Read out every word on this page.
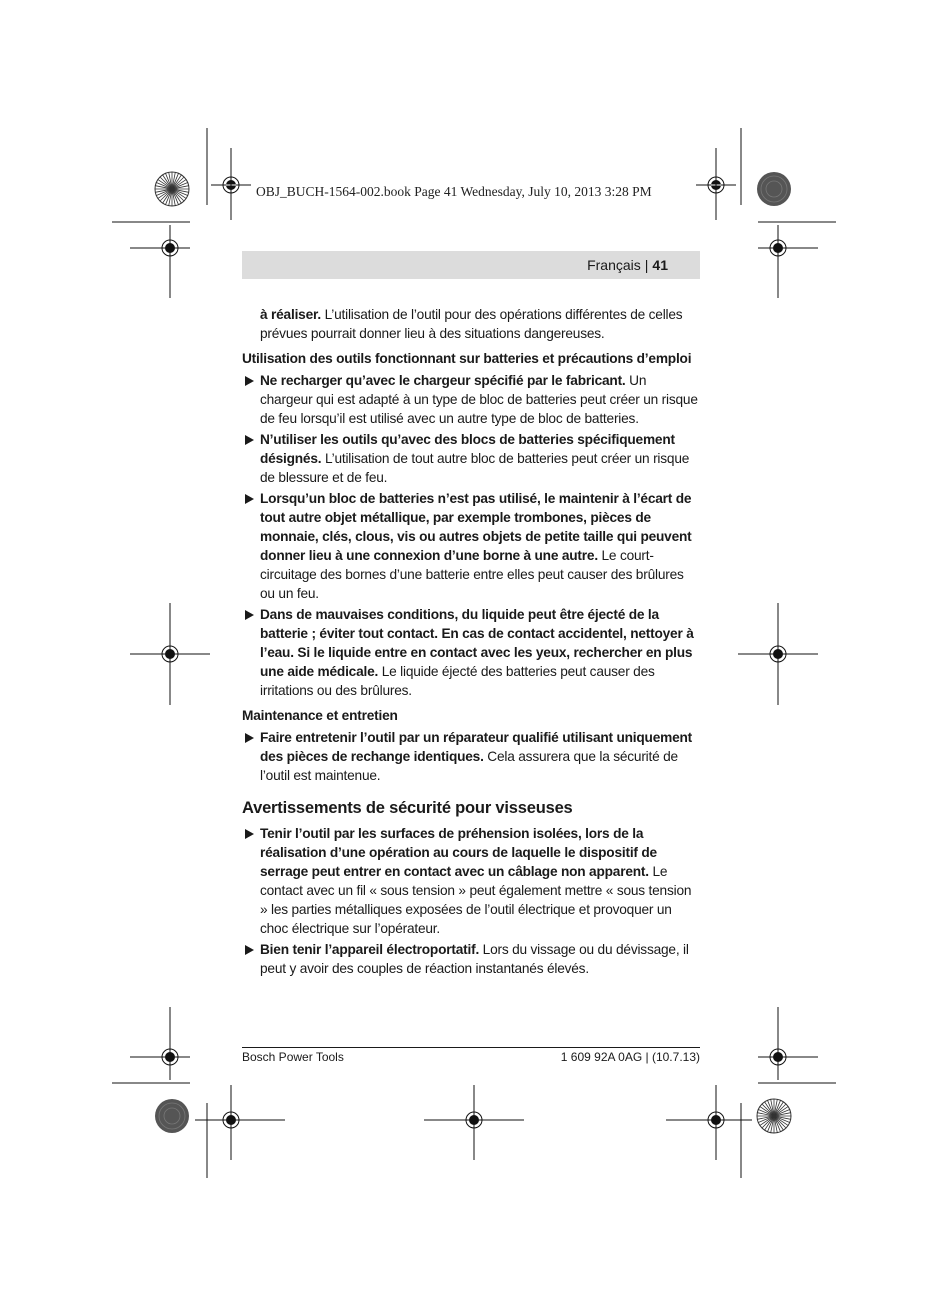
OBJ_BUCH-1564-002.book Page 41 Wednesday, July 10, 2013 3:28 PM
Français | 41

à réaliser. L’utilisation de l’outil pour des opérations différentes de celles prévues pourrait donner lieu à des situations dangereuses.

Utilisation des outils fonctionnant sur batteries et précautions d’emploi

Ne recharger qu’avec le chargeur spécifié par le fabricant. Un chargeur qui est adapté à un type de bloc de batteries peut créer un risque de feu lorsqu’il est utilisé avec un autre type de bloc de batteries.

N’utiliser les outils qu’avec des blocs de batteries spécifiquement désignés. L’utilisation de tout autre bloc de batteries peut créer un risque de blessure et de feu.

Lorsqu’un bloc de batteries n’est pas utilisé, le maintenir à l’écart de tout autre objet métallique, par exemple trombones, pièces de monnaie, clés, clous, vis ou autres objets de petite taille qui peuvent donner lieu à une connexion d’une borne à une autre. Le court-circuitage des bornes d’une batterie entre elles peut causer des brûlures ou un feu.

Dans de mauvaises conditions, du liquide peut être éjecté de la batterie ; éviter tout contact. En cas de contact accidentel, nettoyer à l’eau. Si le liquide entre en contact avec les yeux, rechercher en plus une aide médicale. Le liquide éjecté des batteries peut causer des irritations ou des brûlures.

Maintenance et entretien

Faire entretenir l’outil par un réparateur qualifié utilisant uniquement des pièces de rechange identiques. Cela assurera que la sécurité de l’outil est maintenue.

Avertissements de sécurité pour visseuses

Tenir l’outil par les surfaces de préhension isolées, lors de la réalisation d’une opération au cours de laquelle le dispositif de serrage peut entrer en contact avec un câblage non apparent. Le contact avec un fil « sous tension » peut également mettre « sous tension » les parties métalliques exposées de l’outil électrique et provoquer un choc électrique sur l’opérateur.

Bien tenir l’appareil électroportatif. Lors du vissage ou du dévissage, il peut y avoir des couples de réaction instantanés élevés.

Bosch Power Tools	1 609 92A 0AG | (10.7.13)
